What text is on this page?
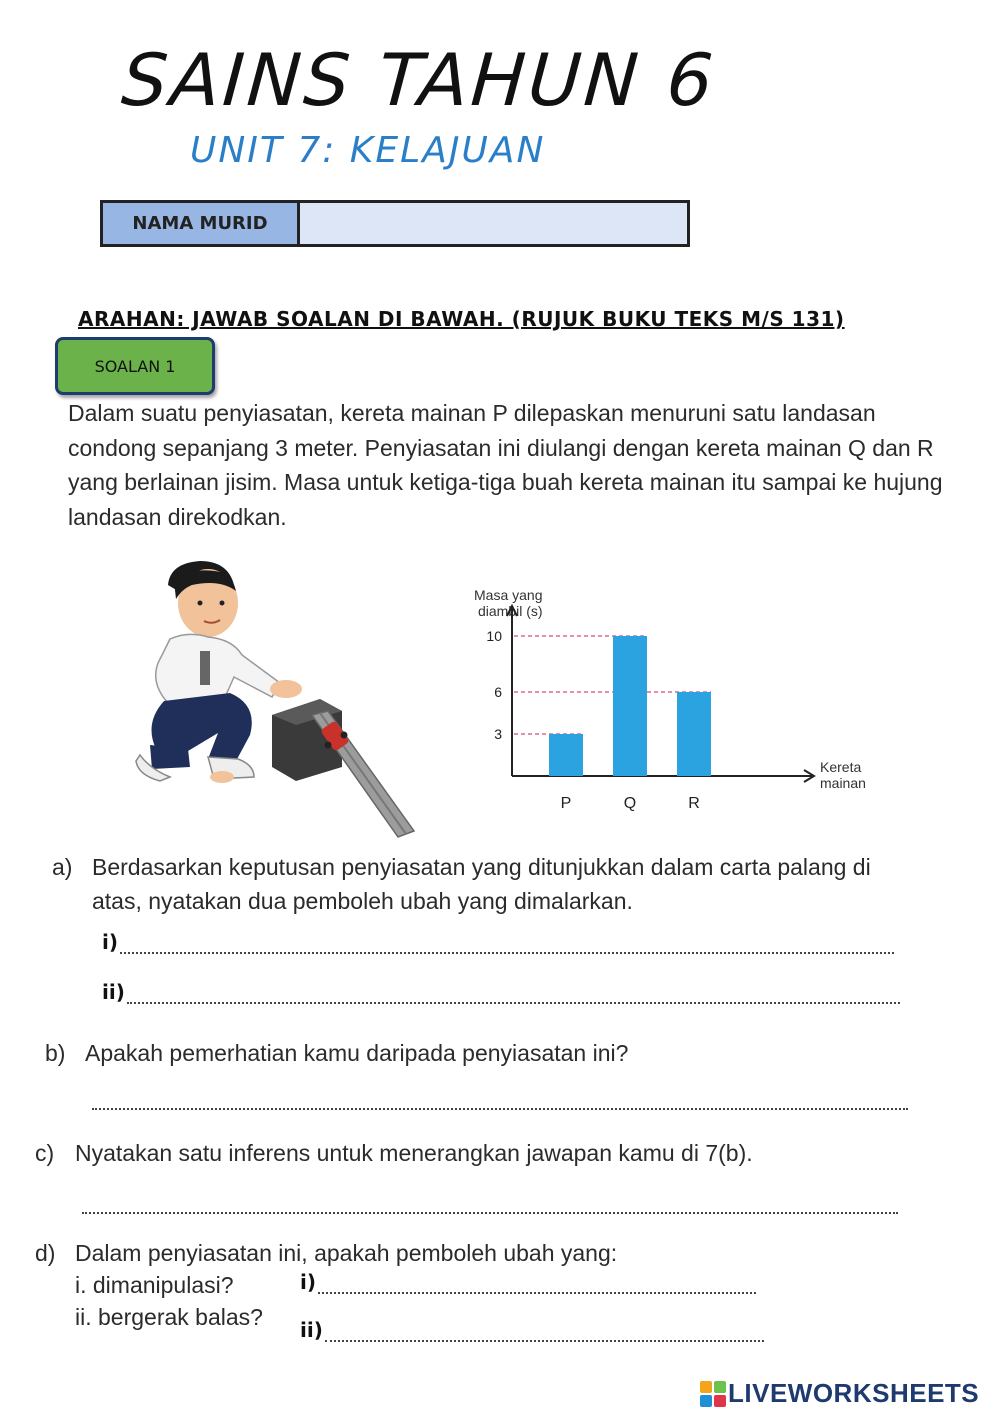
SAINS TAHUN 6
UNIT 7: KELAJUAN
NAMA MURID
ARAHAN: JAWAB SOALAN DI BAWAH. (RUJUK BUKU TEKS M/S 131)
SOALAN 1
Dalam suatu penyiasatan, kereta mainan P dilepaskan menuruni satu landasan condong sepanjang 3 meter. Penyiasatan ini diulangi dengan kereta mainan Q dan R yang berlainan jisim. Masa untuk ketiga-tiga buah kereta mainan itu sampai ke hujung landasan direkodkan.
Masa yang
diambil (s)
Kereta
mainan
3
6
10
P	Q	R
a) Berdasarkan keputusan penyiasatan yang ditunjukkan dalam carta palang di atas, nyatakan dua pemboleh ubah yang dimalarkan.
i)
ii)
b) Apakah pemerhatian kamu daripada penyiasatan ini?
c) Nyatakan satu inferens untuk menerangkan jawapan kamu di 7(b).
d) Dalam penyiasatan ini, apakah pemboleh ubah yang:
i. dimanipulasi?
ii. bergerak balas?
i)
ii)
LIVEWORKSHEETS
